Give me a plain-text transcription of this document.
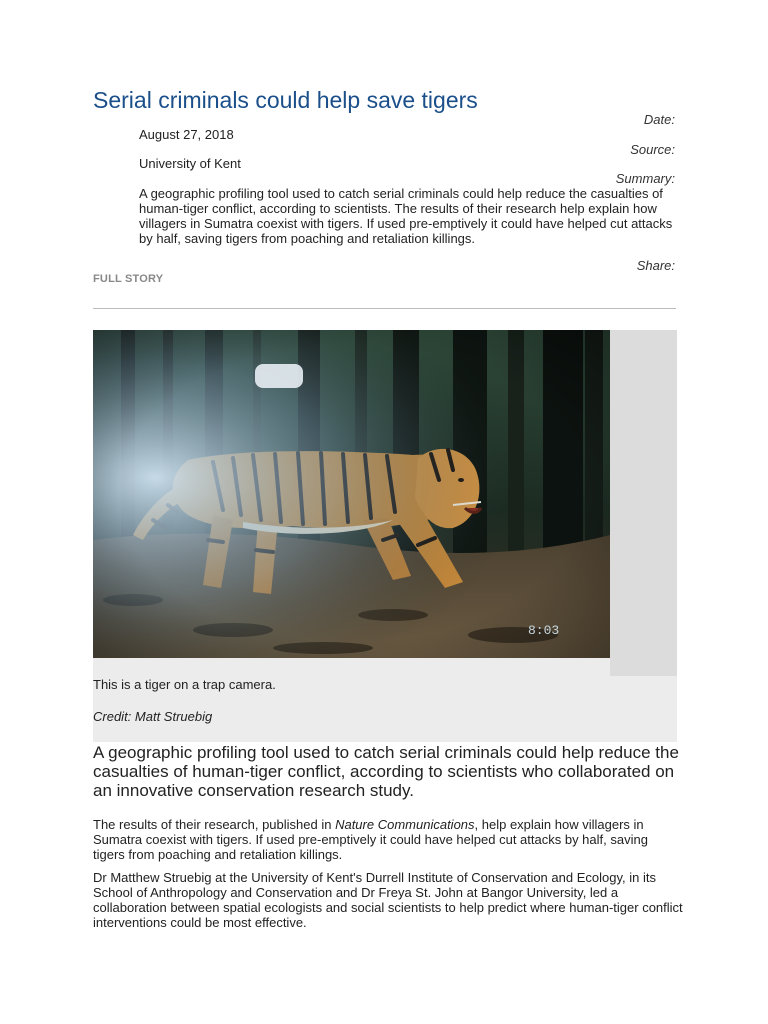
Serial criminals could help save tigers
Date:
August 27, 2018
Source:
University of Kent
Summary:
A geographic profiling tool used to catch serial criminals could help reduce the casualties of human-tiger conflict, according to scientists. The results of their research help explain how villagers in Sumatra coexist with tigers. If used pre-emptively it could have helped cut attacks by half, saving tigers from poaching and retaliation killings.
Share:
FULL STORY
8:03
This is a tiger on a trap camera.
Credit: Matt Struebig
A geographic profiling tool used to catch serial criminals could help reduce the casualties of human-tiger conflict, according to scientists who collaborated on an innovative conservation research study.
The results of their research, published in Nature Communications, help explain how villagers in Sumatra coexist with tigers. If used pre-emptively it could have helped cut attacks by half, saving tigers from poaching and retaliation killings.
Dr Matthew Struebig at the University of Kent's Durrell Institute of Conservation and Ecology, in its School of Anthropology and Conservation and Dr Freya St. John at Bangor University, led a collaboration between spatial ecologists and social scientists to help predict where human-tiger conflict interventions could be most effective.
